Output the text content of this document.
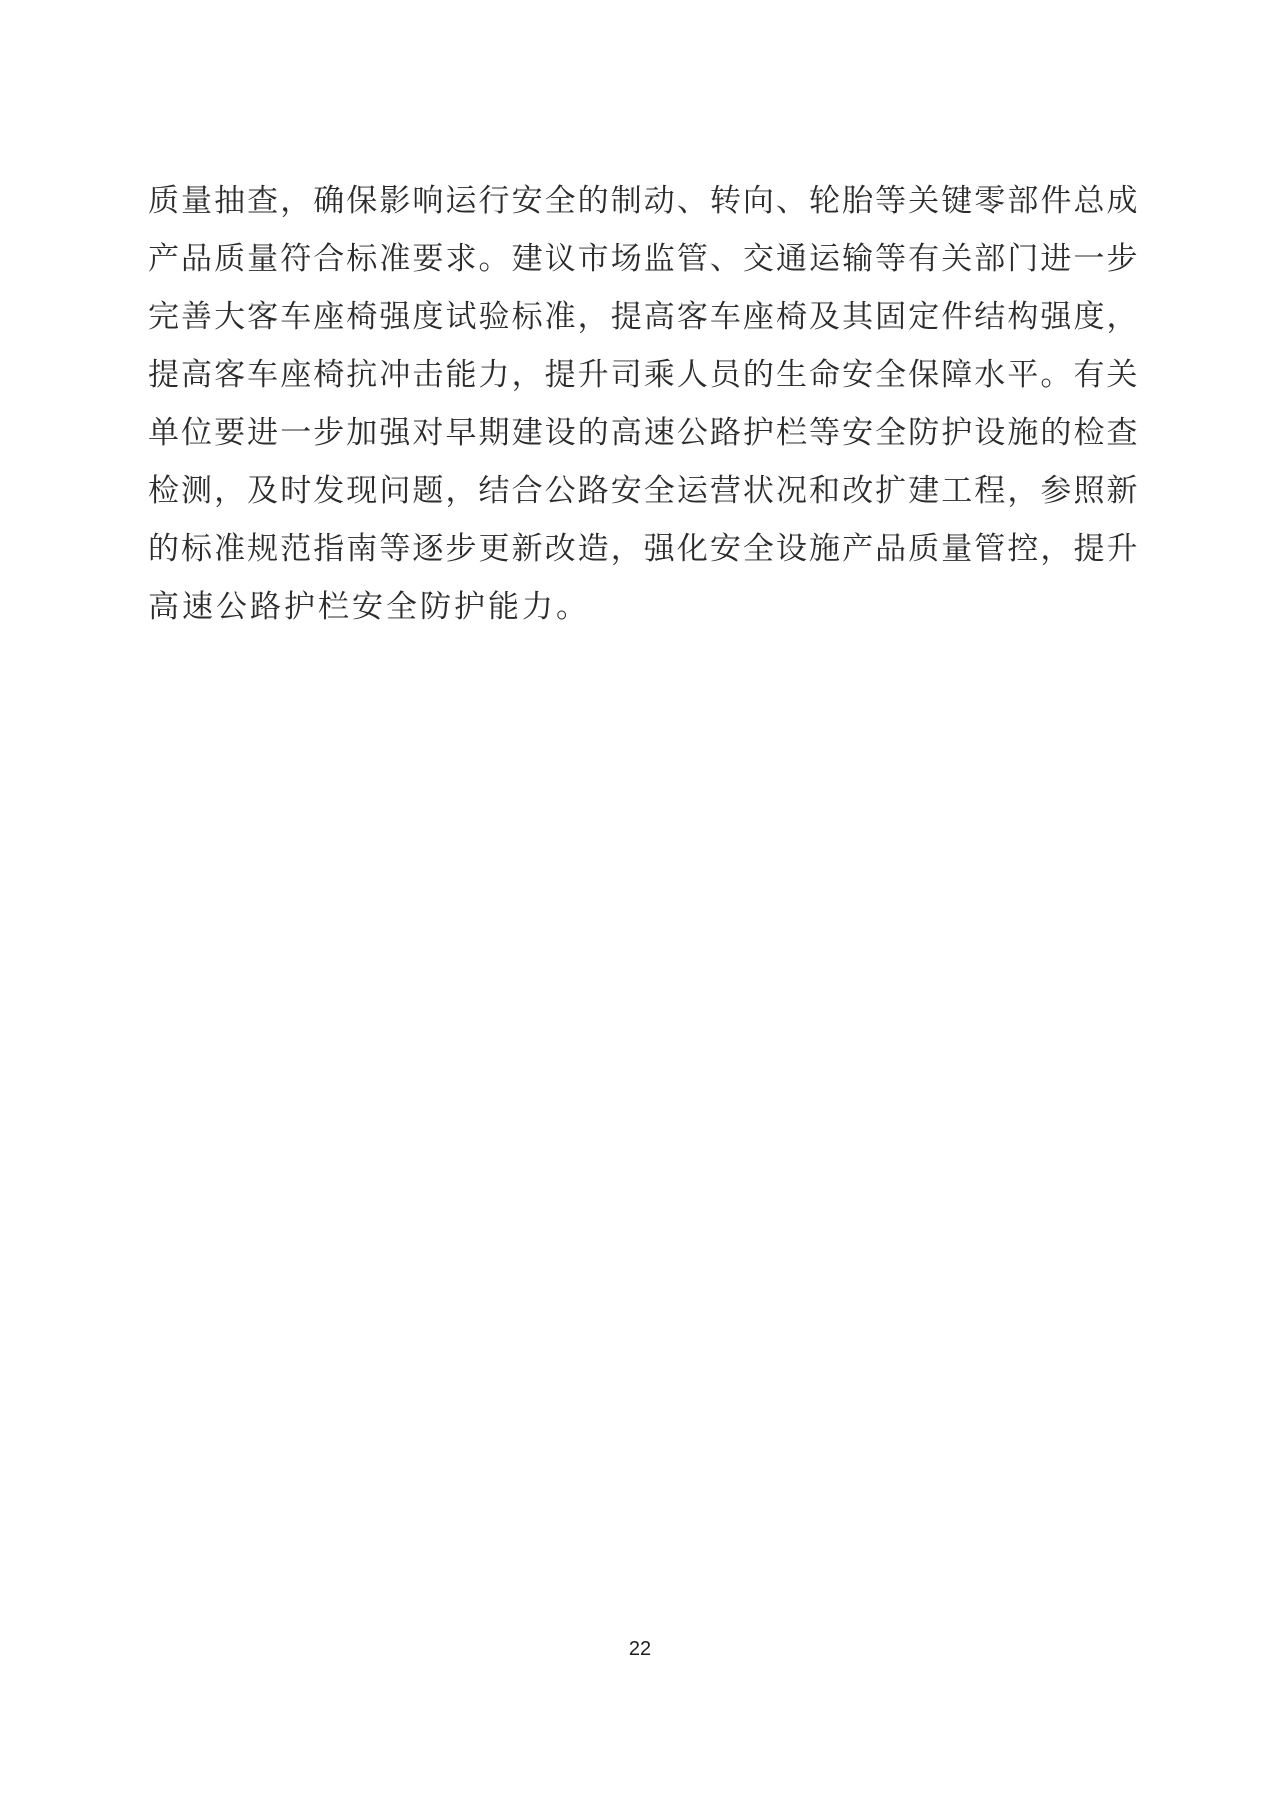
质量抽查，确保影响运行安全的制动、转向、轮胎等关键零部件总成
产品质量符合标准要求。建议市场监管、交通运输等有关部门进一步
完善大客车座椅强度试验标准，提高客车座椅及其固定件结构强度，
提高客车座椅抗冲击能力，提升司乘人员的生命安全保障水平。有关
单位要进一步加强对早期建设的高速公路护栏等安全防护设施的检查
检测，及时发现问题，结合公路安全运营状况和改扩建工程，参照新
的标准规范指南等逐步更新改造，强化安全设施产品质量管控，提升
高速公路护栏安全防护能力。
22
